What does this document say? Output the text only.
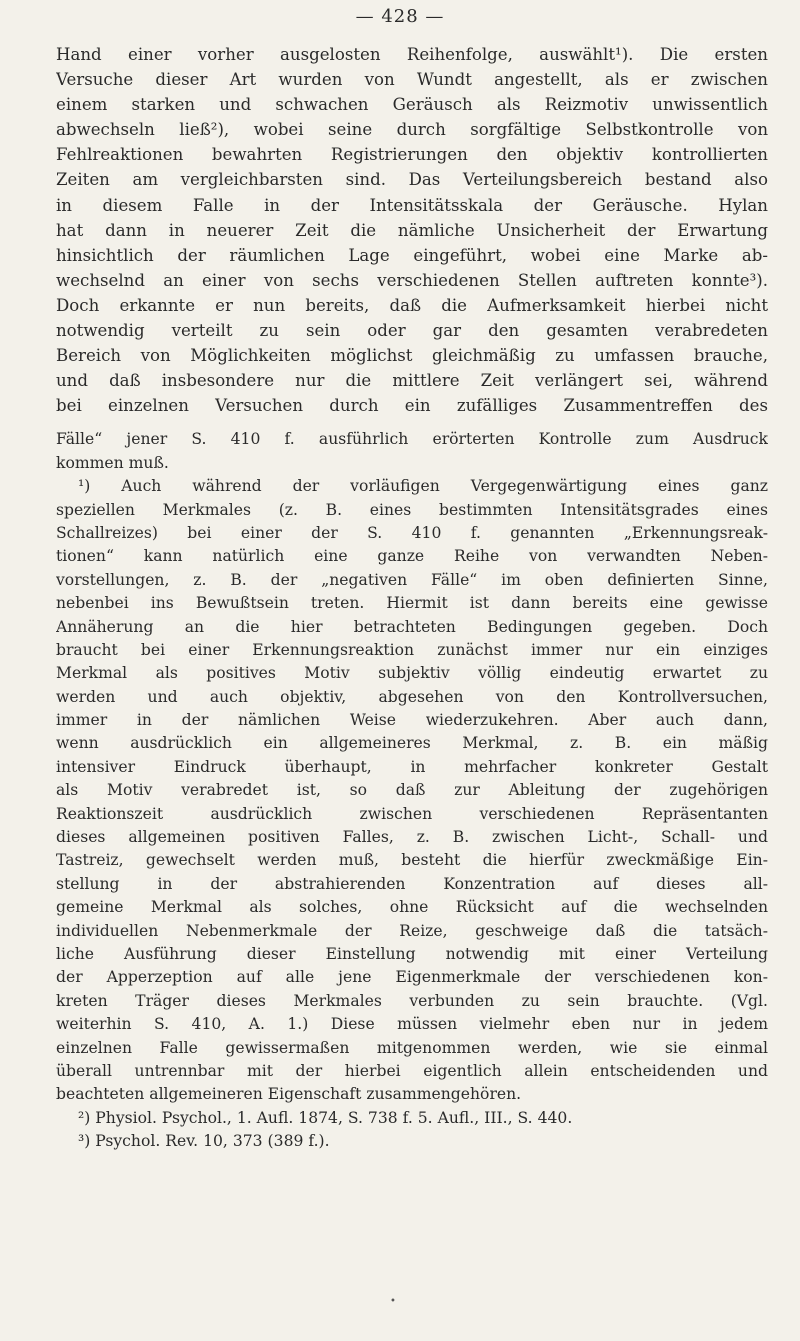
— 428 —
Hand einer vorher ausgelosten Reihenfolge, auswählt¹). Die ersten
Versuche dieser Art wurden von Wundt angestellt, als er zwischen
einem starken und schwachen Geräusch als Reizmotiv unwissentlich
abwechseln ließ²), wobei seine durch sorgfältige Selbstkontrolle von
Fehlreaktionen bewahrten Registrierungen den objektiv kontrollierten
Zeiten am vergleichbarsten sind. Das Verteilungsbereich bestand also
in diesem Falle in der Intensitätsskala der Geräusche. Hylan
hat dann in neuerer Zeit die nämliche Unsicherheit der Erwartung
hinsichtlich der räumlichen Lage eingeführt, wobei eine Marke ab-
wechselnd an einer von sechs verschiedenen Stellen auftreten konnte³).
Doch erkannte er nun bereits, daß die Aufmerksamkeit hierbei nicht
notwendig verteilt zu sein oder gar den gesamten verabredeten
Bereich von Möglichkeiten möglichst gleichmäßig zu umfassen brauche,
und daß insbesondere nur die mittlere Zeit verlängert sei, während
bei einzelnen Versuchen durch ein zufälliges Zusammentreffen des
Fälle“ jener S. 410 f. ausführlich erörterten Kontrolle zum Ausdruck
kommen muß.
¹) Auch während der vorläufigen Vergegenwärtigung eines ganz
speziellen Merkmales (z. B. eines bestimmten Intensitätsgrades eines
Schallreizes) bei einer der S. 410 f. genannten „Erkennungsreak-
tionen“ kann natürlich eine ganze Reihe von verwandten Neben-
vorstellungen, z. B. der „negativen Fälle“ im oben definierten Sinne,
nebenbei ins Bewußtsein treten. Hiermit ist dann bereits eine gewisse
Annäherung an die hier betrachteten Bedingungen gegeben. Doch
braucht bei einer Erkennungsreaktion zunächst immer nur ein einziges
Merkmal als positives Motiv subjektiv völlig eindeutig erwartet zu
werden und auch objektiv, abgesehen von den Kontrollversuchen,
immer in der nämlichen Weise wiederzukehren. Aber auch dann,
wenn ausdrücklich ein allgemeineres Merkmal, z. B. ein mäßig
intensiver Eindruck überhaupt, in mehrfacher konkreter Gestalt
als Motiv verabredet ist, so daß zur Ableitung der zugehörigen
Reaktionszeit ausdrücklich zwischen verschiedenen Repräsentanten
dieses allgemeinen positiven Falles, z. B. zwischen Licht-, Schall- und
Tastreiz, gewechselt werden muß, besteht die hierfür zweckmäßige Ein-
stellung in der abstrahierenden Konzentration auf dieses all-
gemeine Merkmal als solches, ohne Rücksicht auf die wechselnden
individuellen Nebenmerkmale der Reize, geschweige daß die tatsäch-
liche Ausführung dieser Einstellung notwendig mit einer Verteilung
der Apperzeption auf alle jene Eigenmerkmale der verschiedenen kon-
kreten Träger dieses Merkmales verbunden zu sein brauchte. (Vgl.
weiterhin S. 410, A. 1.) Diese müssen vielmehr eben nur in jedem
einzelnen Falle gewissermaßen mitgenommen werden, wie sie einmal
überall untrennbar mit der hierbei eigentlich allein entscheidenden und
beachteten allgemeineren Eigenschaft zusammengehören.
²) Physiol. Psychol., 1. Aufl. 1874, S. 738 f. 5. Aufl., III., S. 440.
³) Psychol. Rev. 10, 373 (389 f.).
•
